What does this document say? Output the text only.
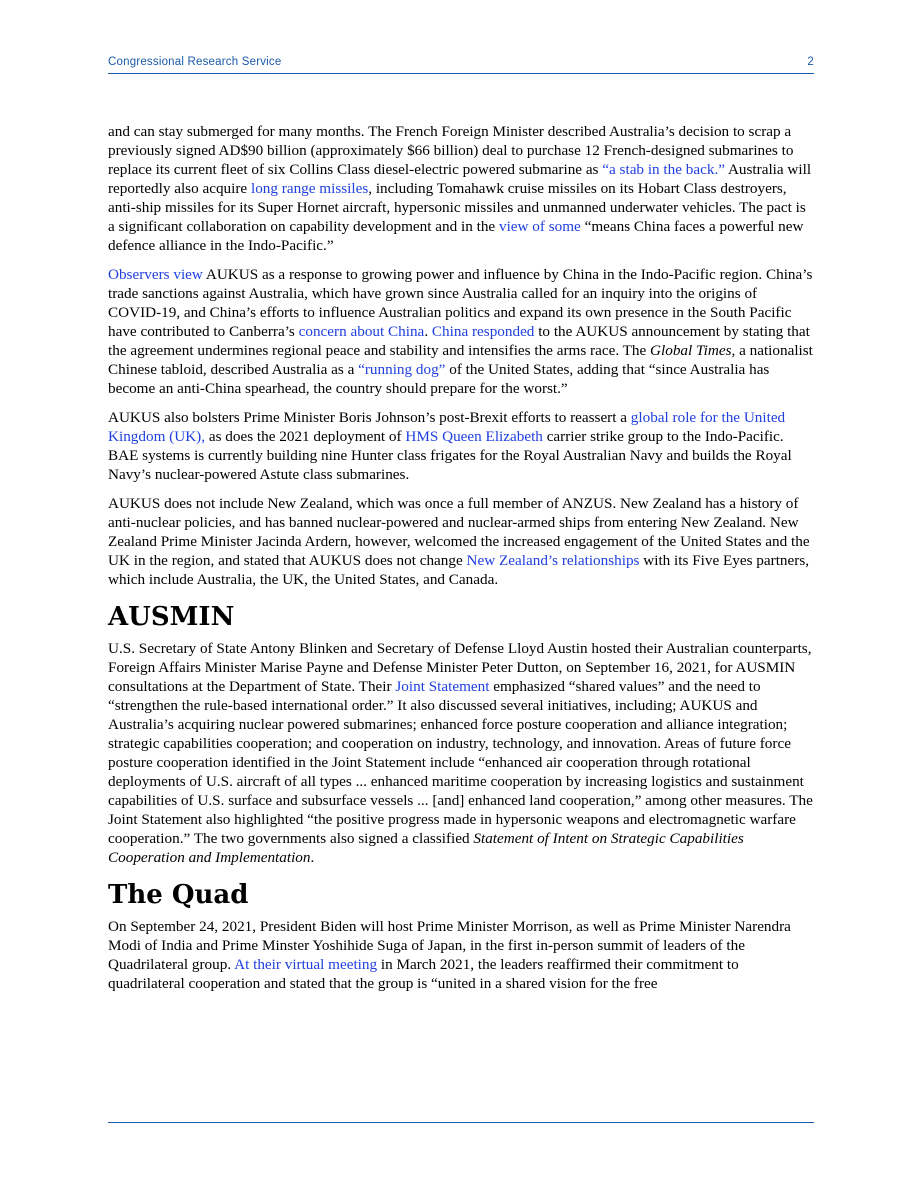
Congressional Research Service	2

and can stay submerged for many months. The French Foreign Minister described Australia’s decision to scrap a previously signed AD$90 billion (approximately $66 billion) deal to purchase 12 French-designed submarines to replace its current fleet of six Collins Class diesel-electric powered submarine as “a stab in the back.” Australia will reportedly also acquire long range missiles, including Tomahawk cruise missiles on its Hobart Class destroyers, anti-ship missiles for its Super Hornet aircraft, hypersonic missiles and unmanned underwater vehicles. The pact is a significant collaboration on capability development and in the view of some “means China faces a powerful new defence alliance in the Indo-Pacific.”

Observers view AUKUS as a response to growing power and influence by China in the Indo-Pacific region. China’s trade sanctions against Australia, which have grown since Australia called for an inquiry into the origins of COVID-19, and China’s efforts to influence Australian politics and expand its own presence in the South Pacific have contributed to Canberra’s concern about China. China responded to the AUKUS announcement by stating that the agreement undermines regional peace and stability and intensifies the arms race. The Global Times, a nationalist Chinese tabloid, described Australia as a “running dog” of the United States, adding that “since Australia has become an anti-China spearhead, the country should prepare for the worst.”

AUKUS also bolsters Prime Minister Boris Johnson’s post-Brexit efforts to reassert a global role for the United Kingdom (UK), as does the 2021 deployment of HMS Queen Elizabeth carrier strike group to the Indo-Pacific. BAE systems is currently building nine Hunter class frigates for the Royal Australian Navy and builds the Royal Navy’s nuclear-powered Astute class submarines.

AUKUS does not include New Zealand, which was once a full member of ANZUS. New Zealand has a history of anti-nuclear policies, and has banned nuclear-powered and nuclear-armed ships from entering New Zealand. New Zealand Prime Minister Jacinda Ardern, however, welcomed the increased engagement of the United States and the UK in the region, and stated that AUKUS does not change New Zealand’s relationships with its Five Eyes partners, which include Australia, the UK, the United States, and Canada.

AUSMIN

U.S. Secretary of State Antony Blinken and Secretary of Defense Lloyd Austin hosted their Australian counterparts, Foreign Affairs Minister Marise Payne and Defense Minister Peter Dutton, on September 16, 2021, for AUSMIN consultations at the Department of State. Their Joint Statement emphasized “shared values” and the need to “strengthen the rule-based international order.” It also discussed several initiatives, including; AUKUS and Australia’s acquiring nuclear powered submarines; enhanced force posture cooperation and alliance integration; strategic capabilities cooperation; and cooperation on industry, technology, and innovation. Areas of future force posture cooperation identified in the Joint Statement include “enhanced air cooperation through rotational deployments of U.S. aircraft of all types ... enhanced maritime cooperation by increasing logistics and sustainment capabilities of U.S. surface and subsurface vessels ... [and] enhanced land cooperation,” among other measures. The Joint Statement also highlighted “the positive progress made in hypersonic weapons and electromagnetic warfare cooperation.” The two governments also signed a classified Statement of Intent on Strategic Capabilities Cooperation and Implementation.

The Quad

On September 24, 2021, President Biden will host Prime Minister Morrison, as well as Prime Minister Narendra Modi of India and Prime Minster Yoshihide Suga of Japan, in the first in-person summit of leaders of the Quadrilateral group. At their virtual meeting in March 2021, the leaders reaffirmed their commitment to quadrilateral cooperation and stated that the group is “united in a shared vision for the free
